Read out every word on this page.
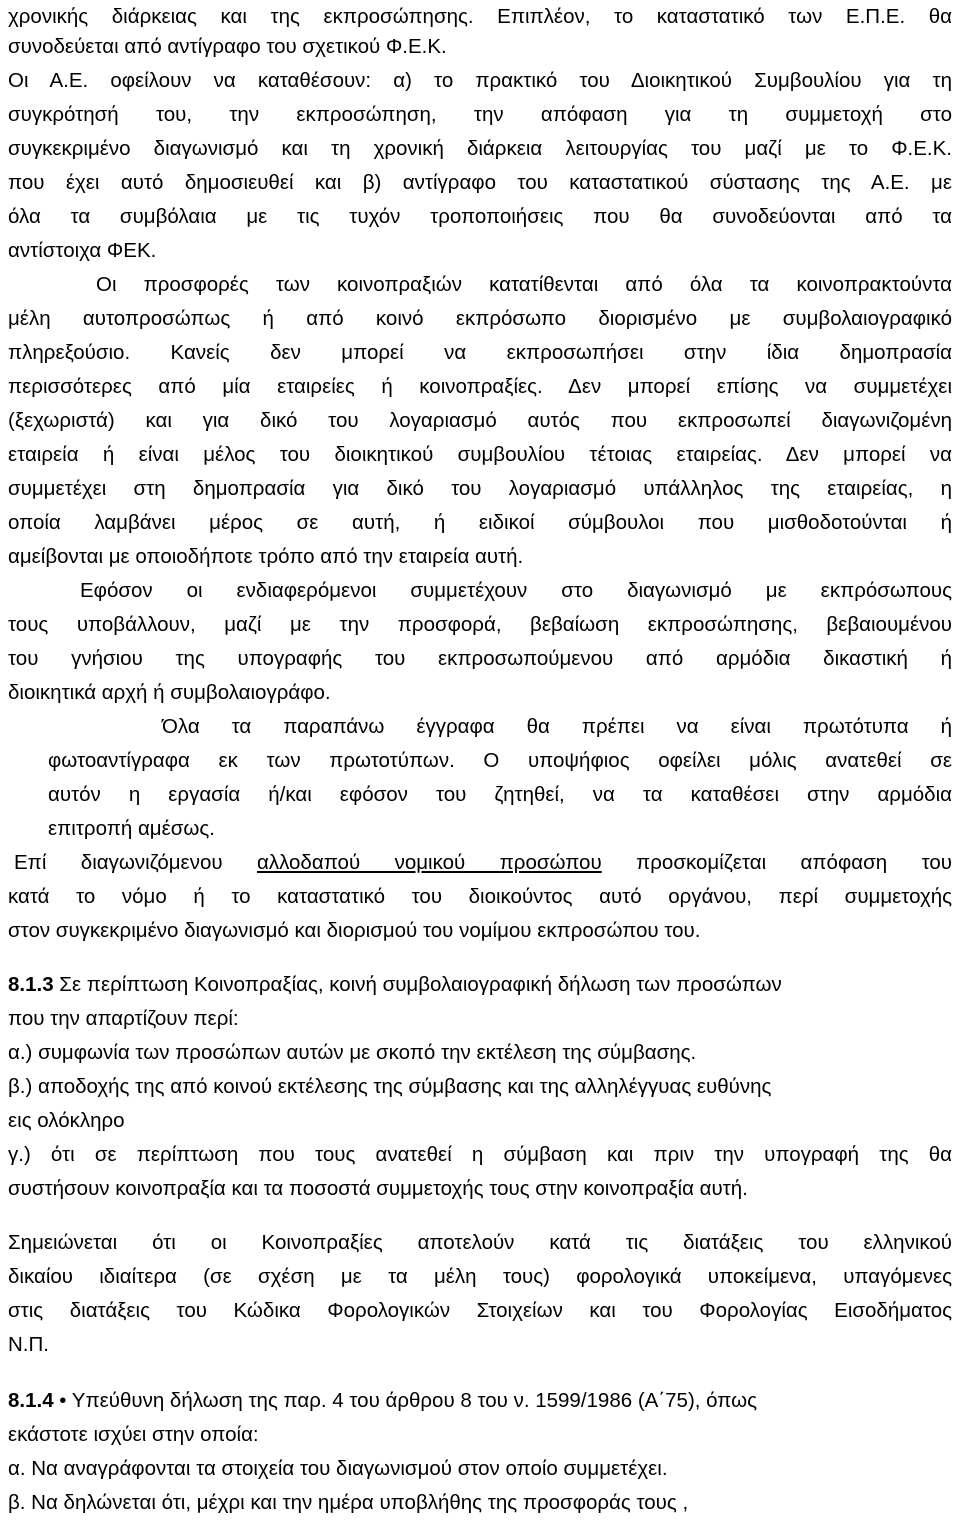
χρονικής διάρκειας και της εκπροσώπησης. Επιπλέον, το καταστατικό των Ε.Π.Ε. θα
συνοδεύεται από αντίγραφο του σχετικού Φ.Ε.Κ.
Οι Α.Ε. οφείλουν να καταθέσουν: α) το πρακτικό του Διοικητικού Συμβουλίου για τη
συγκρότησή του, την εκπροσώπηση, την απόφαση για τη συμμετοχή στο
συγκεκριμένο διαγωνισμό και τη χρονική διάρκεια λειτουργίας του μαζί με το Φ.Ε.Κ.
που έχει αυτό δημοσιευθεί και β) αντίγραφο του καταστατικού σύστασης της Α.Ε. με
όλα τα συμβόλαια με τις τυχόν τροποποιήσεις που θα συνοδεύονται από τα
αντίστοιχα ΦΕΚ.
Οι προσφορές των κοινοπραξιών κατατίθενται από όλα τα κοινοπρακτούντα
μέλη αυτοπροσώπως ή από κοινό εκπρόσωπο διορισμένο με συμβολαιογραφικό
πληρεξούσιο. Κανείς δεν μπορεί να εκπροσωπήσει στην ίδια δημοπρασία
περισσότερες από μία εταιρείες ή κοινοπραξίες. Δεν μπορεί επίσης να συμμετέχει
(ξεχωριστά) και για δικό του λογαριασμό αυτός που εκπροσωπεί διαγωνιζομένη
εταιρεία ή είναι μέλος του διοικητικού συμβουλίου τέτοιας εταιρείας. Δεν μπορεί να
συμμετέχει στη δημοπρασία για δικό του λογαριασμό υπάλληλος της εταιρείας, η
οποία λαμβάνει μέρος σε αυτή, ή ειδικοί σύμβουλοι που μισθοδοτούνται ή
αμείβονται με οποιοδήποτε τρόπο από την εταιρεία αυτή.
Εφόσον οι ενδιαφερόμενοι συμμετέχουν στο διαγωνισμό με εκπρόσωπους
τους υποβάλλουν, μαζί με την προσφορά, βεβαίωση εκπροσώπησης, βεβαιουμένου
του γνήσιου της υπογραφής του εκπροσωπούμενου από αρμόδια δικαστική ή
διοικητικά αρχή ή συμβολαιογράφο.
Όλα τα παραπάνω έγγραφα θα πρέπει να είναι πρωτότυπα ή
φωτοαντίγραφα εκ των πρωτοτύπων. Ο υποψήφιος οφείλει μόλις ανατεθεί σε
αυτόν η εργασία ή/και εφόσον του ζητηθεί, να τα καταθέσει στην αρμόδια
επιτροπή αμέσως.
Επί διαγωνιζόμενου αλλοδαπού νομικού προσώπου προσκομίζεται απόφαση του
κατά το νόμο ή το καταστατικό του διοικούντος αυτό οργάνου, περί συμμετοχής
στον συγκεκριμένο διαγωνισμό και διορισμού του νομίμου εκπροσώπου του.
8.1.3 Σε περίπτωση Κοινοπραξίας, κοινή συμβολαιογραφική δήλωση των προσώπων
που την απαρτίζουν περί:
α.) συμφωνία των προσώπων αυτών με σκοπό την εκτέλεση της σύμβασης.
β.) αποδοχής της από κοινού εκτέλεσης της σύμβασης και της αλληλέγγυας ευθύνης
εις ολόκληρο
γ.) ότι σε περίπτωση που τους ανατεθεί η σύμβαση και πριν την υπογραφή της θα
συστήσουν κοινοπραξία και τα ποσοστά συμμετοχής τους στην κοινοπραξία αυτή.
Σημειώνεται ότι οι Κοινοπραξίες αποτελούν κατά τις διατάξεις του ελληνικού
δικαίου ιδιαίτερα (σε σχέση με τα μέλη τους) φορολογικά υποκείμενα, υπαγόμενες
στις διατάξεις του Κώδικα Φορολογικών Στοιχείων και του Φορολογίας Εισοδήματος
Ν.Π.
8.1.4 • Υπεύθυνη δήλωση της παρ. 4 του άρθρου 8 του ν. 1599/1986 (Α΄75), όπως
εκάστοτε ισχύει στην οποία:
α. Να αναγράφονται τα στοιχεία του διαγωνισμού στον οποίο συμμετέχει.
β. Να δηλώνεται ότι, μέχρι και την ημέρα υποβλήθης της προσφοράς τους ,
